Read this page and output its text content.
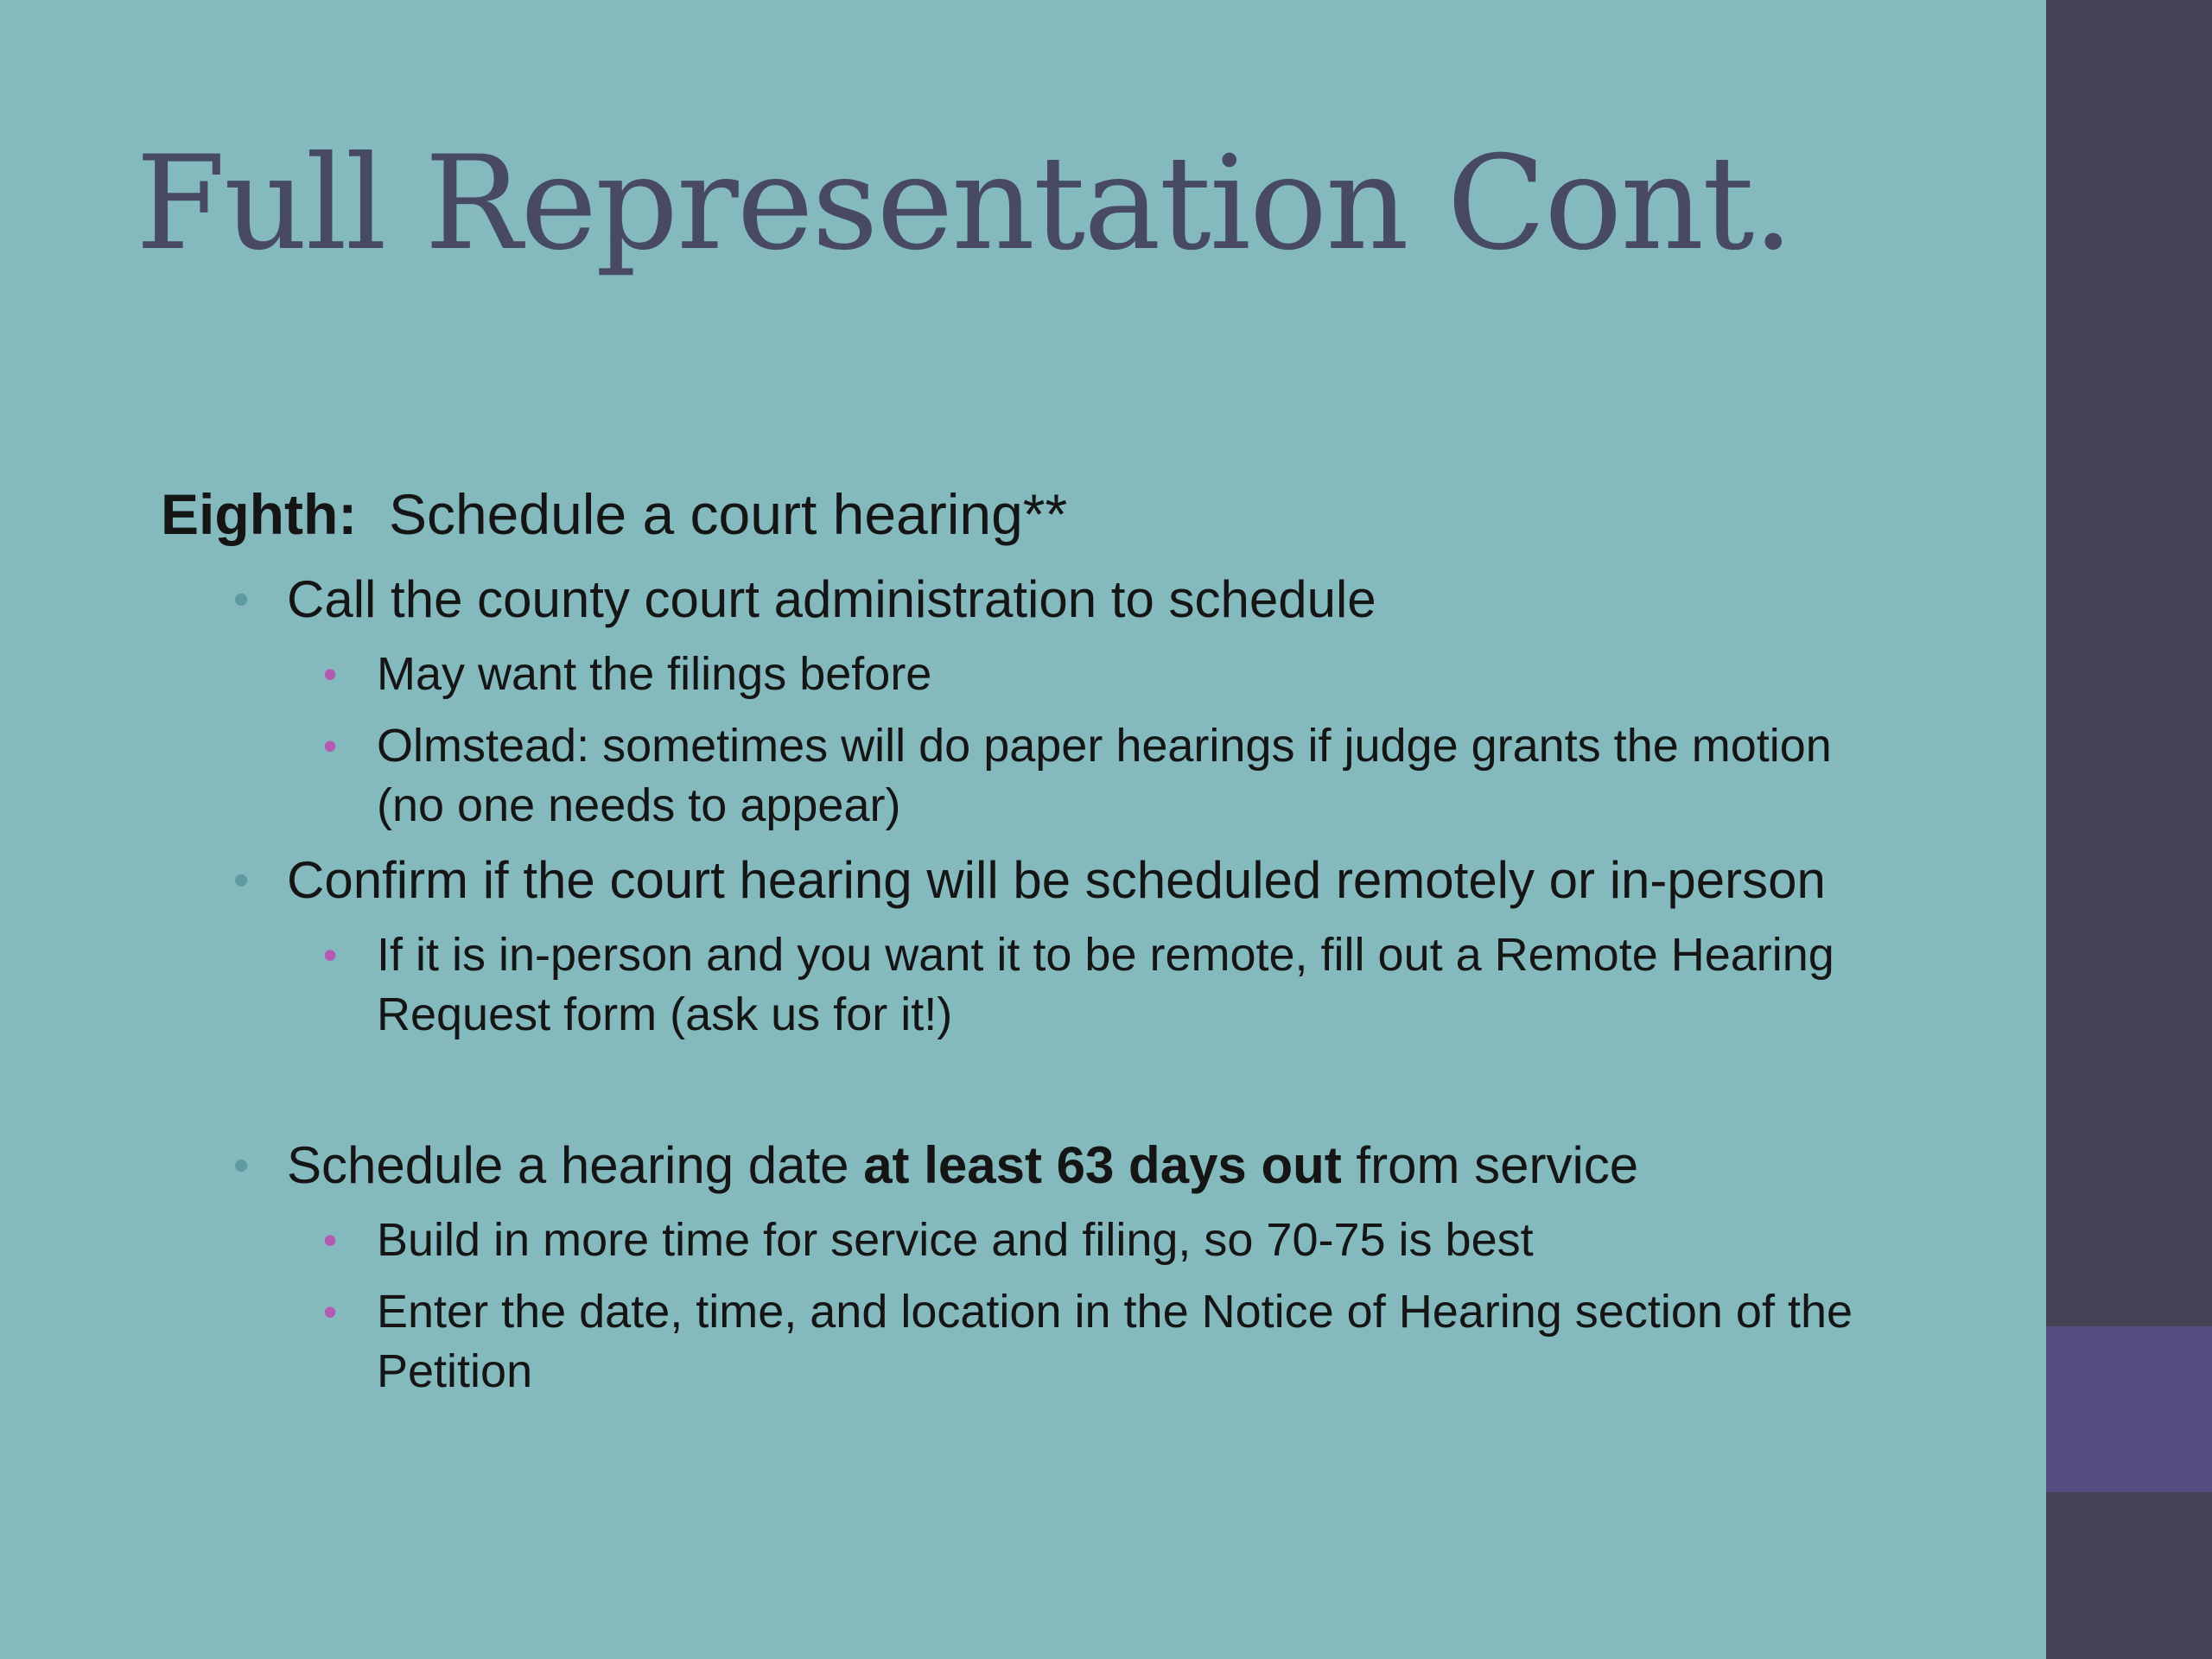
Full Representation Cont.

Eighth: Schedule a court hearing**

• Call the county court administration to schedule
• May want the filings before
• Olmstead: sometimes will do paper hearings if judge grants the motion (no one needs to appear)
• Confirm if the court hearing will be scheduled remotely or in-person
• If it is in-person and you want it to be remote, fill out a Remote Hearing Request form (ask us for it!)
• Schedule a hearing date at least 63 days out from service
• Build in more time for service and filing, so 70-75 is best
• Enter the date, time, and location in the Notice of Hearing section of the Petition
